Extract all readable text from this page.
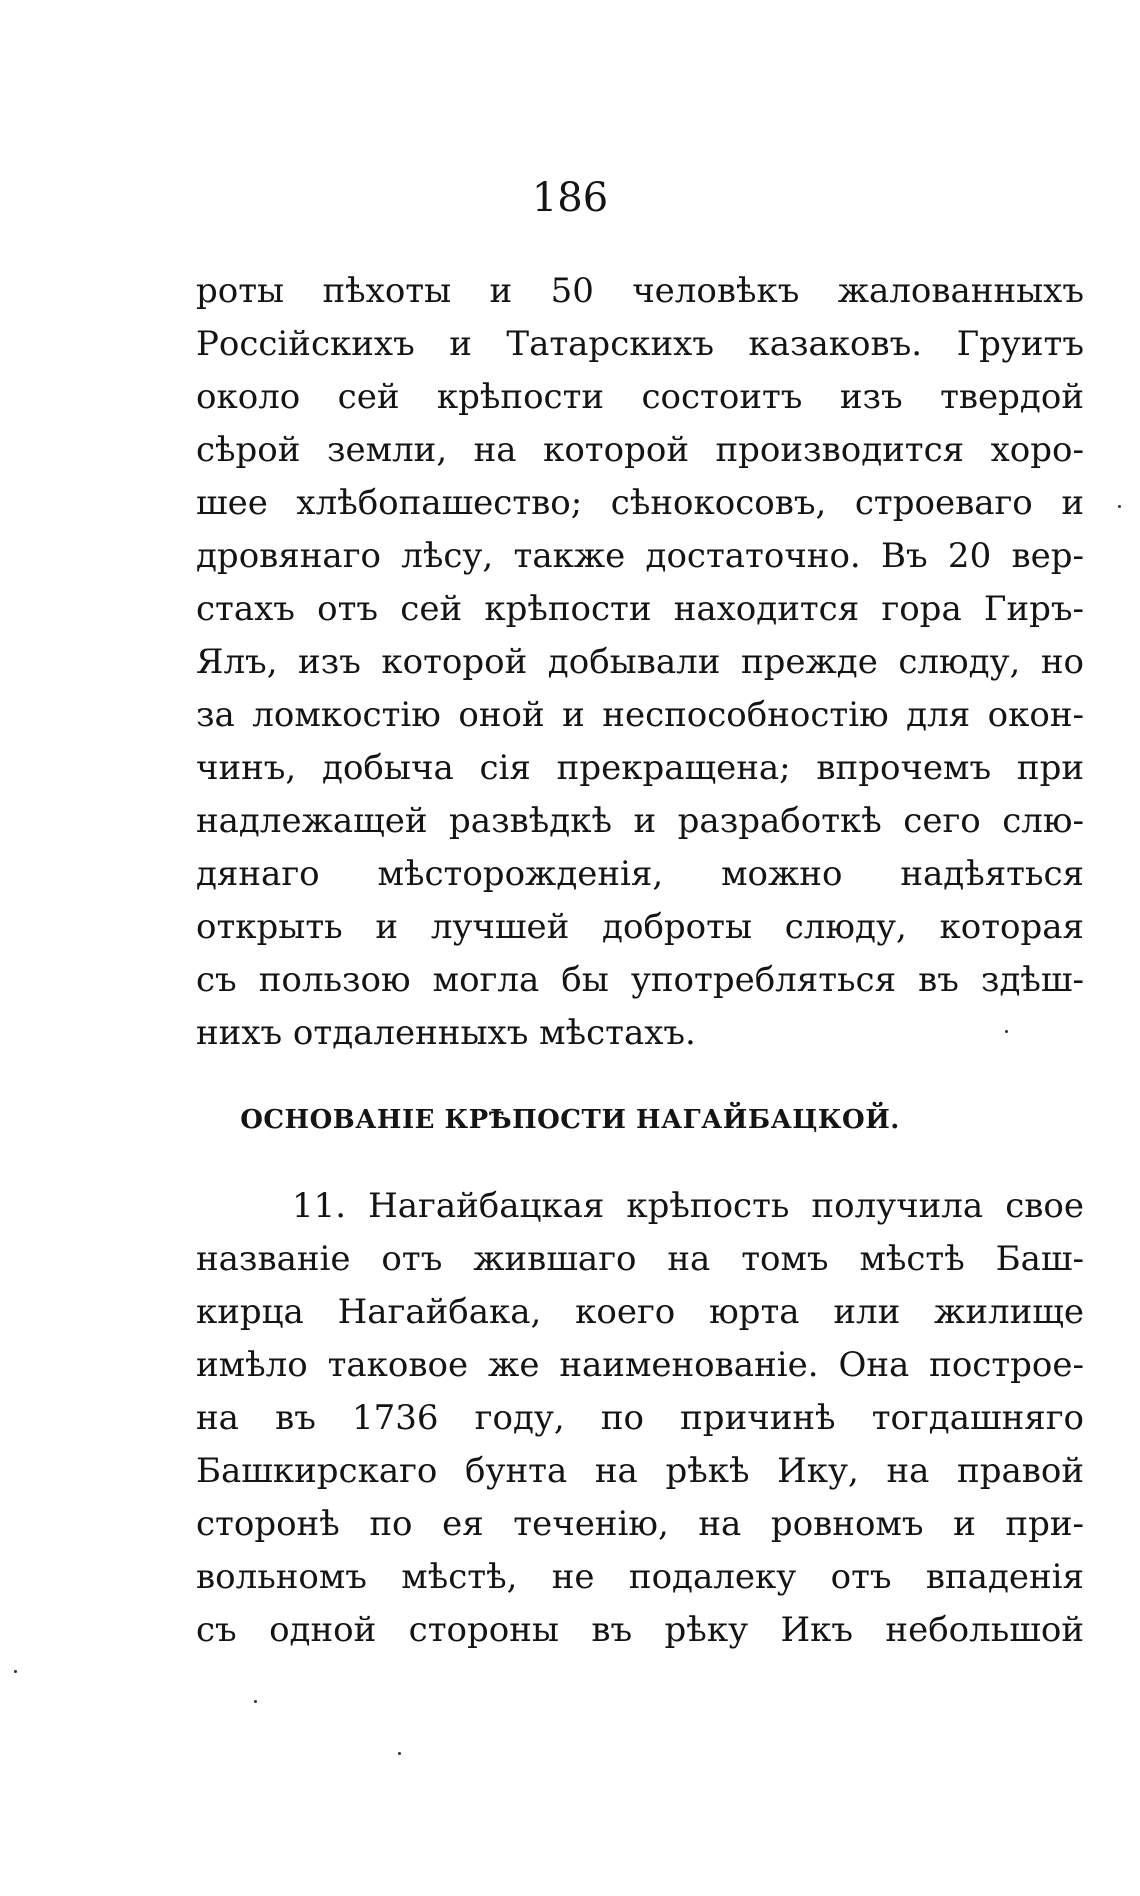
186
роты пѣхоты и 50 человѣкъ жалованныхъ
Россійскихъ и Татарскихъ казаковъ. Груитъ
около сей крѣпости состоитъ изъ твердой
сѣрой земли, на которой производится хоро-
шее хлѣбопашество; сѣнокосовъ, строеваго и
дровянаго лѣсу, также достаточно. Въ 20 вер-
стахъ отъ сей крѣпости находится гора Гиръ-
Ялъ, изъ которой добывали прежде слюду, но
за ломкостію оной и неспособностію для окон-
чинъ, добыча сія прекращена; впрочемъ при
надлежащей развѣдкѣ и разработкѣ сего слю-
дянаго мѣсторожденія, можно надѣяться
открыть и лучшей доброты слюду, которая
съ пользою могла бы употребляться въ здѣш-
нихъ отдаленныхъ мѣстахъ.
ОСНОВАНІЕ КРѢПОСТИ НАГАЙБАЦКОЙ.
11. Нагайбацкая крѣпость получила свое
названіе отъ жившаго на томъ мѣстѣ Баш-
кирца Нагайбака, коего юрта или жилище
имѣло таковое же наименованіе. Она построе-
на въ 1736 году, по причинѣ тогдашняго
Башкирскаго бунта на рѣкѣ Ику, на правой
сторонѣ по ея теченію, на ровномъ и при-
вольномъ мѣстѣ, не подалеку отъ впаденія
съ одной стороны въ рѣку Икъ небольшой
